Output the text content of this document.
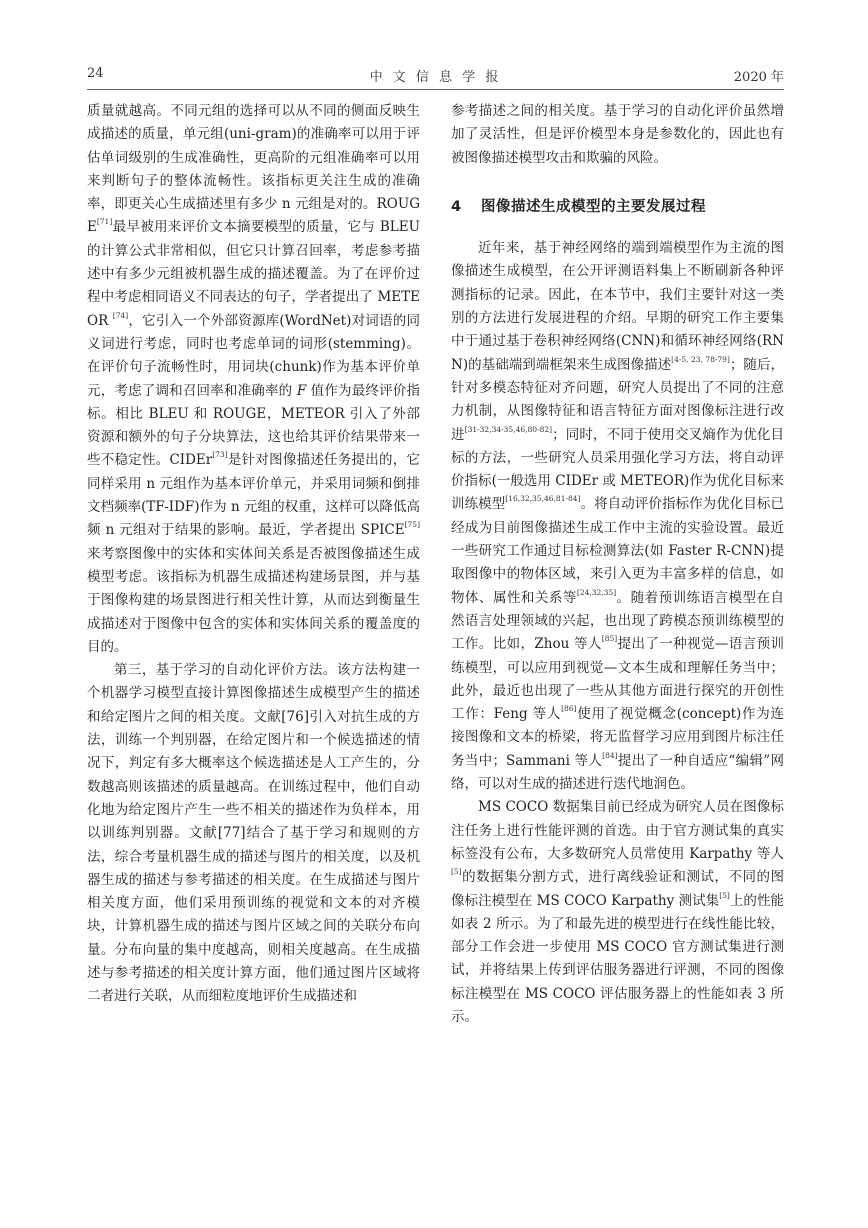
24	中 文 信 息 学 报	2020 年

质量就越高。不同元组的选择可以从不同的侧面反映生成描述的质量，单元组(uni-gram)的准确率可以用于评估单词级别的生成准确性，更高阶的元组准确率可以用来判断句子的整体流畅性。该指标更关注生成的准确率，即更关心生成描述里有多少 n 元组是对的。ROUGE[71]最早被用来评价文本摘要模型的质量，它与 BLEU 的计算公式非常相似，但它只计算召回率，考虑参考描述中有多少元组被机器生成的描述覆盖。为了在评价过程中考虑相同语义不同表达的句子，学者提出了 METEOR [74]，它引入一个外部资源库(WordNet)对词语的同义词进行考虑，同时也考虑单词的词形(stemming)。在评价句子流畅性时，用词块(chunk)作为基本评价单元，考虑了调和召回率和准确率的 F 值作为最终评价指标。相比 BLEU 和 ROUGE，METEOR 引入了外部资源和额外的句子分块算法，这也给其评价结果带来一些不稳定性。CIDEr[73]是针对图像描述任务提出的，它同样采用 n 元组作为基本评价单元，并采用词频和倒排文档频率(TF-IDF)作为 n 元组的权重，这样可以降低高频 n 元组对于结果的影响。最近，学者提出 SPICE[75]来考察图像中的实体和实体间关系是否被图像描述生成模型考虑。该指标为机器生成描述构建场景图，并与基于图像构建的场景图进行相关性计算，从而达到衡量生成描述对于图像中包含的实体和实体间关系的覆盖度的目的。

第三，基于学习的自动化评价方法。该方法构建一个机器学习模型直接计算图像描述生成模型产生的描述和给定图片之间的相关度。文献[76]引入对抗生成的方法，训练一个判别器，在给定图片和一个候选描述的情况下，判定有多大概率这个候选描述是人工产生的，分数越高则该描述的质量越高。在训练过程中，他们自动化地为给定图片产生一些不相关的描述作为负样本，用以训练判别器。文献[77]结合了基于学习和规则的方法，综合考量机器生成的描述与图片的相关度，以及机器生成的描述与参考描述的相关度。在生成描述与图片相关度方面，他们采用预训练的视觉和文本的对齐模块，计算机器生成的描述与图片区域之间的关联分布向量。分布向量的集中度越高，则相关度越高。在生成描述与参考描述的相关度计算方面，他们通过图片区域将二者进行关联，从而细粒度地评价生成描述和

参考描述之间的相关度。基于学习的自动化评价虽然增加了灵活性，但是评价模型本身是参数化的，因此也有被图像描述模型攻击和欺骗的风险。

4 图像描述生成模型的主要发展过程

近年来，基于神经网络的端到端模型作为主流的图像描述生成模型，在公开评测语料集上不断刷新各种评测指标的记录。因此，在本节中，我们主要针对这一类别的方法进行发展进程的介绍。早期的研究工作主要集中于通过基于卷积神经网络(CNN)和循环神经网络(RNN)的基础端到端框架来生成图像描述[4-5, 23, 78-79]；随后，针对多模态特征对齐问题，研究人员提出了不同的注意力机制，从图像特征和语言特征方面对图像标注进行改进[31-32,34-35,46,80-82]；同时，不同于使用交叉熵作为优化目标的方法，一些研究人员采用强化学习方法，将自动评价指标(一般选用 CIDEr 或 METEOR)作为优化目标来训练模型[16,32,35,46,81-84]。将自动评价指标作为优化目标已经成为目前图像描述生成工作中主流的实验设置。最近一些研究工作通过目标检测算法(如 Faster R-CNN)提取图像中的物体区域，来引入更为丰富多样的信息，如物体、属性和关系等[24,32,35]。随着预训练语言模型在自然语言处理领域的兴起，也出现了跨模态预训练模型的工作。比如，Zhou 等人[85]提出了一种视觉—语言预训练模型，可以应用到视觉—文本生成和理解任务当中；此外，最近也出现了一些从其他方面进行探究的开创性工作：Feng 等人[86]使用了视觉概念(concept)作为连接图像和文本的桥梁，将无监督学习应用到图片标注任务当中；Sammani 等人[84]提出了一种自适应“编辑”网络，可以对生成的描述进行迭代地润色。

MS COCO 数据集目前已经成为研究人员在图像标注任务上进行性能评测的首选。由于官方测试集的真实标签没有公布，大多数研究人员常使用 Karpathy 等人[5]的数据集分割方式，进行离线验证和测试，不同的图像标注模型在 MS COCO Karpathy 测试集[5]上的性能如表 2 所示。为了和最先进的模型进行在线性能比较，部分工作会进一步使用 MS COCO 官方测试集进行测试，并将结果上传到评估服务器进行评测，不同的图像标注模型在 MS COCO 评估服务器上的性能如表 3 所示。
